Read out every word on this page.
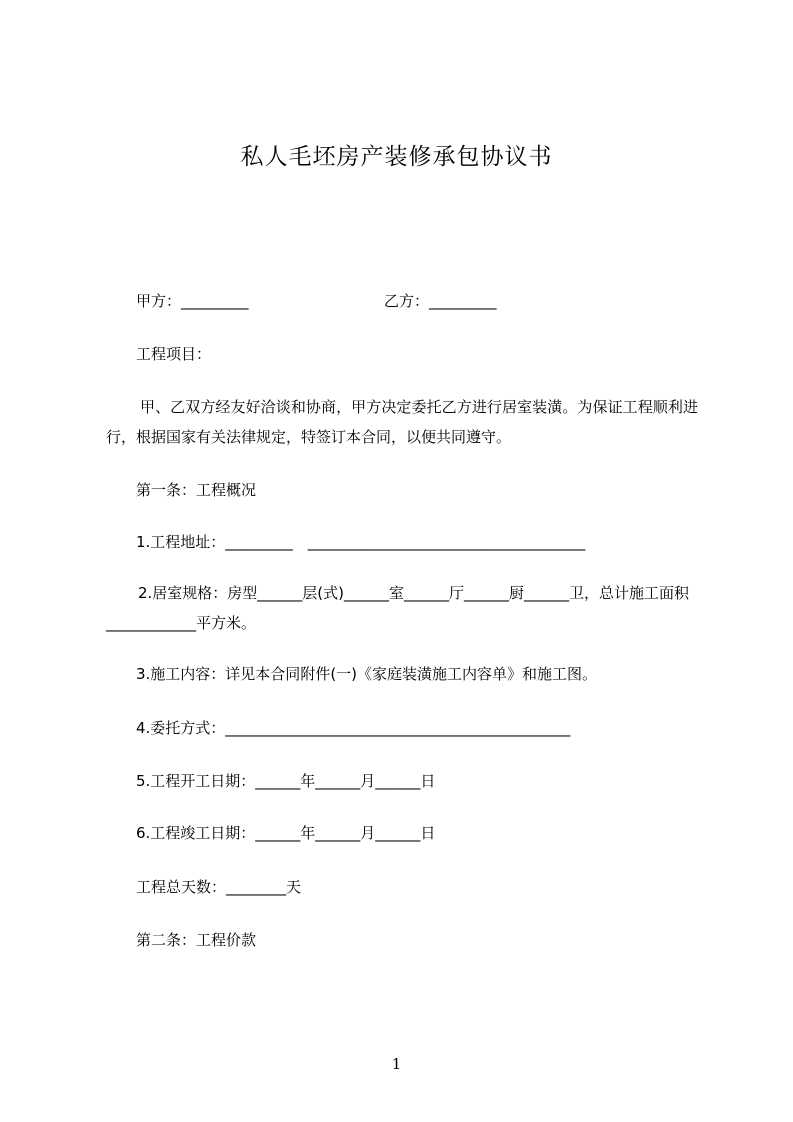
私人毛坯房产装修承包协议书
甲方：_________	乙方：_________
工程项目：
甲、乙双方经友好洽谈和协商，甲方决定委托乙方进行居室装潢。为保证工程顺利进行，根据国家有关法律规定，特签订本合同，以便共同遵守。
第一条：工程概况
1.工程地址：_________　_____________________________________
2.居室规格：房型______层(式)______室______厅______厨______卫，总计施工面积____________平方米。
3.施工内容：详见本合同附件(一)《家庭装潢施工内容单》和施工图。
4.委托方式：______________________________________________
5.工程开工日期：______年______月______日
6.工程竣工日期：______年______月______日
工程总天数：________天
第二条：工程价款
1
